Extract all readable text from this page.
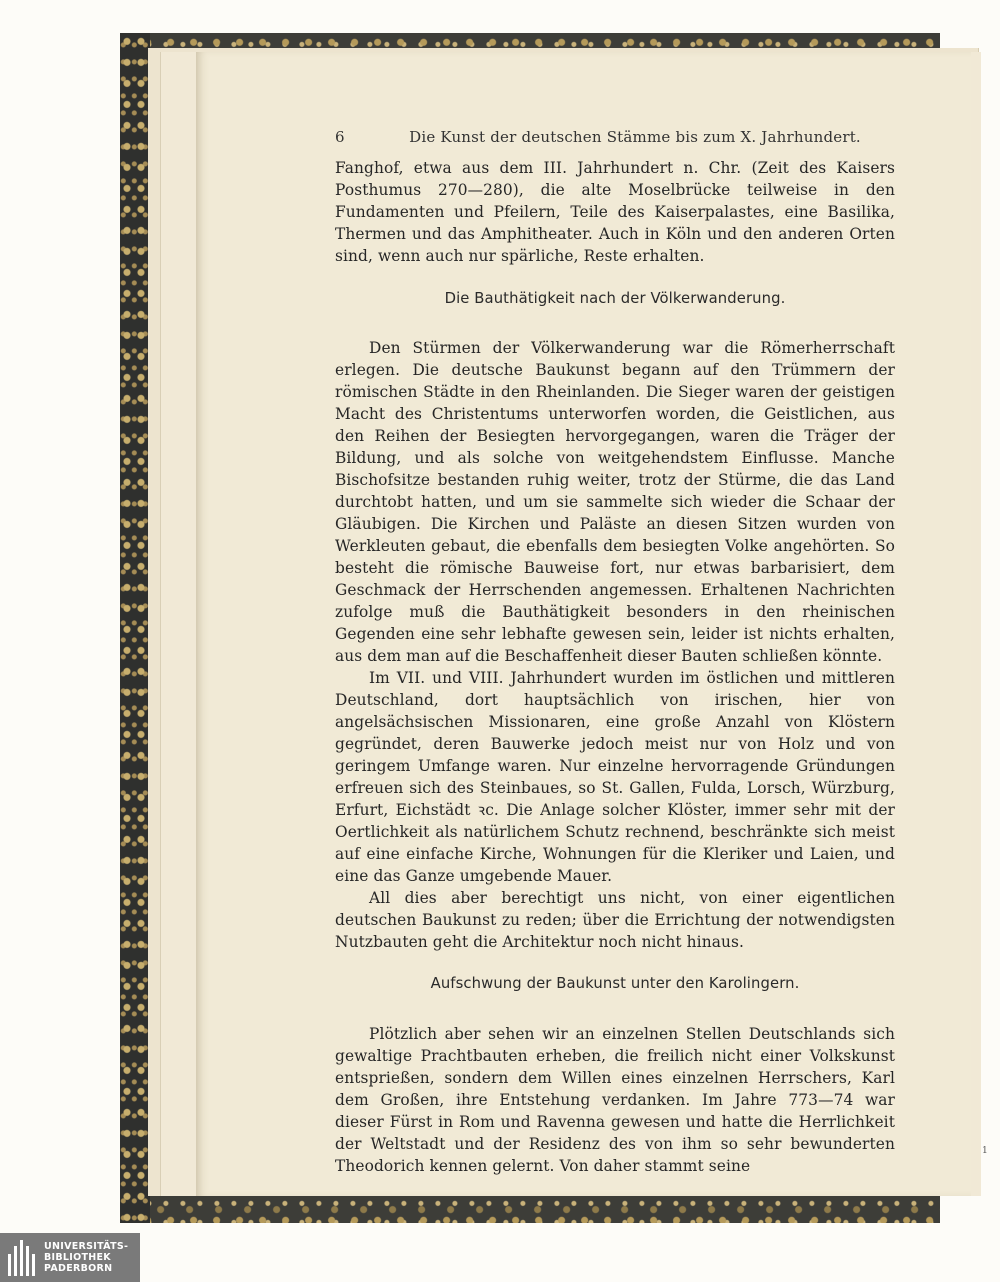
6	Die Kunst der deutschen Stämme bis zum X. Jahrhundert.

Fanghof, etwa aus dem III. Jahrhundert n. Chr. (Zeit des Kaisers Posthumus 270—280), die alte Moselbrücke teilweise in den Fundamenten und Pfeilern, Teile des Kaiserpalastes, eine Basilika, Thermen und das Amphitheater. Auch in Köln und den anderen Orten sind, wenn auch nur spärliche, Reste erhalten.

Die Bauthätigkeit nach der Völkerwanderung.

Den Stürmen der Völkerwanderung war die Römerherrschaft erlegen. Die deutsche Baukunst begann auf den Trümmern der römischen Städte in den Rheinlanden. Die Sieger waren der geistigen Macht des Christentums unterworfen worden, die Geistlichen, aus den Reihen der Besiegten hervorgegangen, waren die Träger der Bildung, und als solche von weitgehendstem Einflusse. Manche Bischofsitze bestanden ruhig weiter, trotz der Stürme, die das Land durchtobt hatten, und um sie sammelte sich wieder die Schaar der Gläubigen. Die Kirchen und Paläste an diesen Sitzen wurden von Werkleuten gebaut, die ebenfalls dem besiegten Volke angehörten. So besteht die römische Bauweise fort, nur etwas barbarisiert, dem Geschmack der Herrschenden angemessen. Erhaltenen Nachrichten zufolge muß die Bauthätigkeit besonders in den rheinischen Gegenden eine sehr lebhafte gewesen sein, leider ist nichts erhalten, aus dem man auf die Beschaffenheit dieser Bauten schließen könnte.

Im VII. und VIII. Jahrhundert wurden im östlichen und mittleren Deutschland, dort hauptsächlich von irischen, hier von angelsächsischen Missionaren, eine große Anzahl von Klöstern gegründet, deren Bauwerke jedoch meist nur von Holz und von geringem Umfange waren. Nur einzelne hervorragende Gründungen erfreuen sich des Steinbaues, so St. Gallen, Fulda, Lorsch, Würzburg, Erfurt, Eichstädt ꝛc. Die Anlage solcher Klöster, immer sehr mit der Oertlichkeit als natürlichem Schutz rechnend, beschränkte sich meist auf eine einfache Kirche, Wohnungen für die Kleriker und Laien, und eine das Ganze umgebende Mauer.

All dies aber berechtigt uns nicht, von einer eigentlichen deutschen Baukunst zu reden; über die Errichtung der notwendigsten Nutzbauten geht die Architektur noch nicht hinaus.

Aufschwung der Baukunst unter den Karolingern.

Plötzlich aber sehen wir an einzelnen Stellen Deutschlands sich gewaltige Prachtbauten erheben, die freilich nicht einer Volkskunst entsprießen, sondern dem Willen eines einzelnen Herrschers, Karl dem Großen, ihre Entstehung verdanken. Im Jahre 773—74 war dieser Fürst in Rom und Ravenna gewesen und hatte die Herrlichkeit der Weltstadt und der Residenz des von ihm so sehr bewunderten Theodorich kennen gelernt. Von daher stammt seine

1
UNIVERSITÄTS-
BIBLIOTHEK
PADERBORN
